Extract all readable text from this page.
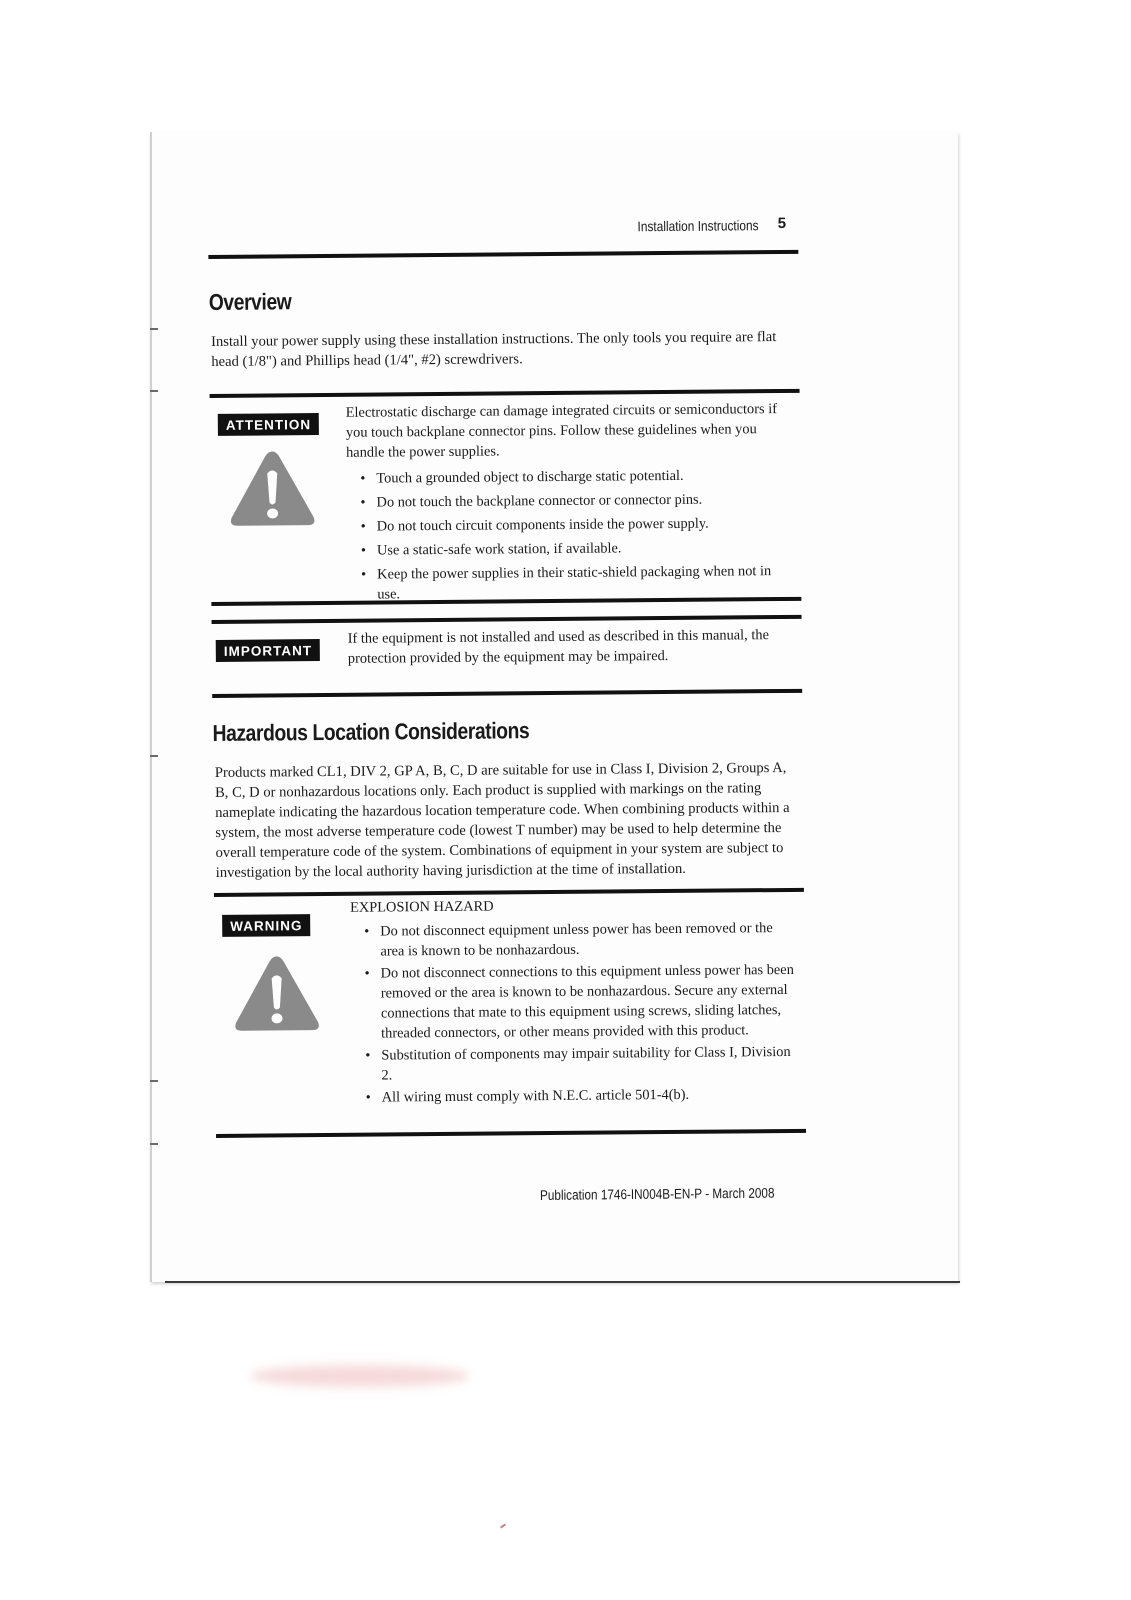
Installation Instructions 5
Overview

Install your power supply using these installation instructions. The only tools you require are flat head (1/8") and Phillips head (1/4", #2) screwdrivers.

ATTENTION

Electrostatic discharge can damage integrated circuits or semiconductors if you touch backplane connector pins. Follow these guidelines when you handle the power supplies.

• Touch a grounded object to discharge static potential.
• Do not touch the backplane connector or connector pins.
• Do not touch circuit components inside the power supply.
• Use a static-safe work station, if available.
• Keep the power supplies in their static-shield packaging when not in use.
IMPORTANT

If the equipment is not installed and used as described in this manual, the protection provided by the equipment may be impaired.

Hazardous Location Considerations

Products marked CL1, DIV 2, GP A, B, C, D are suitable for use in Class I, Division 2, Groups A, B, C, D or nonhazardous locations only. Each product is supplied with markings on the rating nameplate indicating the hazardous location temperature code. When combining products within a system, the most adverse temperature code (lowest T number) may be used to help determine the overall temperature code of the system. Combinations of equipment in your system are subject to investigation by the local authority having jurisdiction at the time of installation.

WARNING

EXPLOSION HAZARD

• Do not disconnect equipment unless power has been removed or the area is known to be nonhazardous.
• Do not disconnect connections to this equipment unless power has been removed or the area is known to be nonhazardous. Secure any external connections that mate to this equipment using screws, sliding latches, threaded connectors, or other means provided with this product.
• Substitution of components may impair suitability for Class I, Division 2.
• All wiring must comply with N.E.C. article 501-4(b).
Publication 1746-IN004B-EN-P - March 2008
